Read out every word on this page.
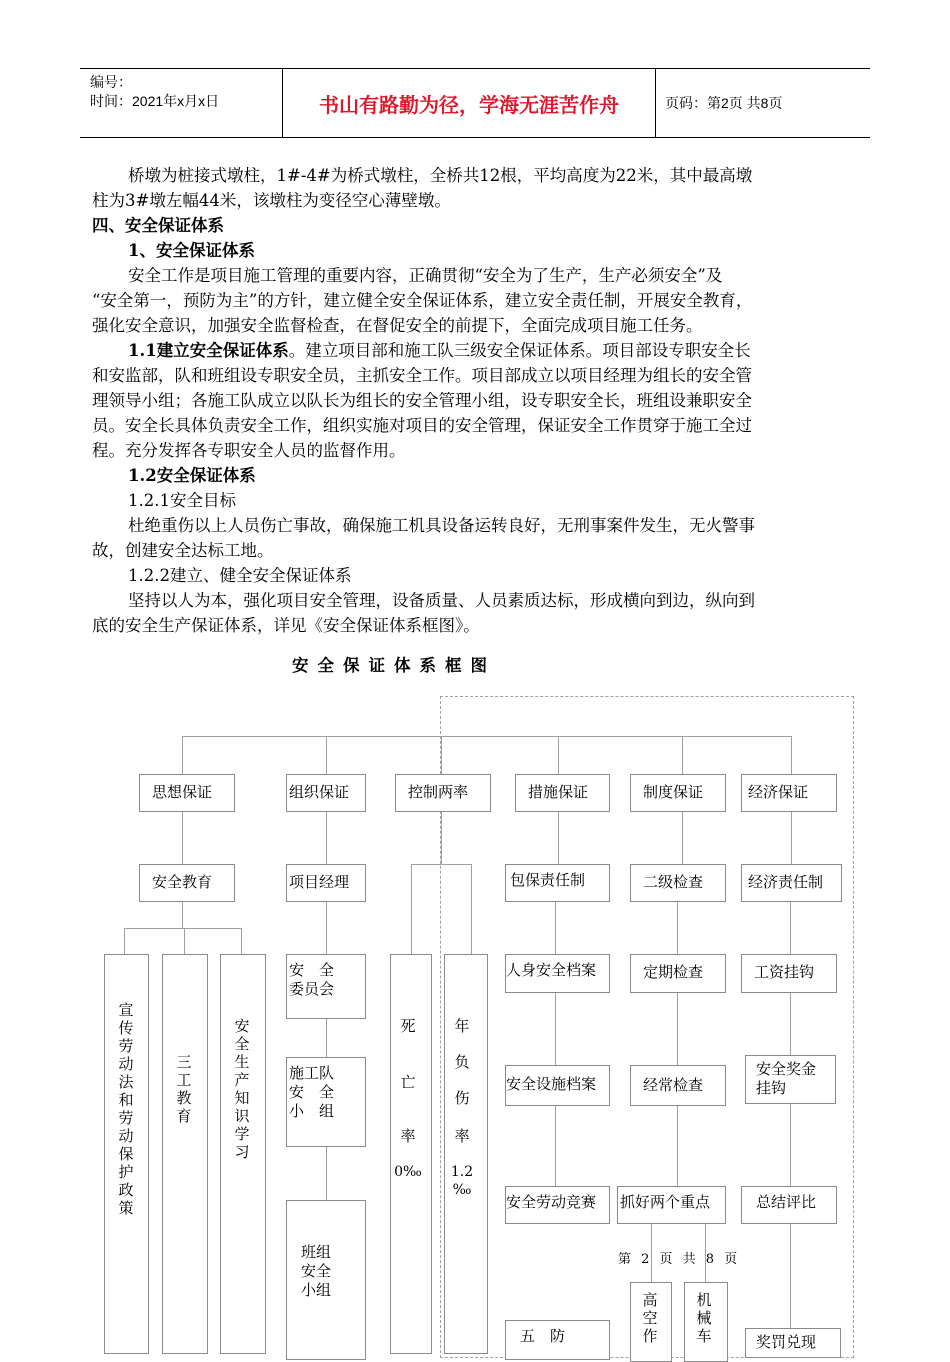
编号：
时间：2021年x月x日	书山有路勤为径，学海无涯苦作舟	页码：第2页 共8页
桥墩为桩接式墩柱，1#-4#为桥式墩柱，全桥共12根，平均高度为22米，其中最高墩
柱为3#墩左幅44米，该墩柱为变径空心薄壁墩。
四、安全保证体系
1、安全保证体系
安全工作是项目施工管理的重要内容，正确贯彻“安全为了生产，生产必须安全”及
“安全第一，预防为主”的方针，建立健全安全保证体系，建立安全责任制，开展安全教育，
强化安全意识，加强安全监督检查，在督促安全的前提下，全面完成项目施工任务。
1.1建立安全保证体系。建立项目部和施工队三级安全保证体系。项目部设专职安全长
和安监部，队和班组设专职安全员，主抓安全工作。项目部成立以项目经理为组长的安全管
理领导小组；各施工队成立以队长为组长的安全管理小组，设专职安全长，班组设兼职安全
员。安全长具体负责安全工作，组织实施对项目的安全管理，保证安全工作贯穿于施工全过
程。充分发挥各专职安全人员的监督作用。
1.2安全保证体系
1.2.1安全目标
杜绝重伤以上人员伤亡事故，确保施工机具设备运转良好，无刑事案件发生，无火警事
故，创建安全达标工地。
1.2.2建立、健全安全保证体系
坚持以人为本，强化项目安全管理，设备质量、人员素质达标，形成横向到边，纵向到
底的安全生产保证体系，详见《安全保证体系框图》。
安全保证体系框图
思想保证	组织保证	控制两率	措施保证	制度保证	经济保证
安全教育
宣传劳动法和劳动保护政策
三工教育
安全生产知识学习
项目经理
安　全
委员会
施工队
安　全
小　组
班组
安全
小组
死
亡
率
0‰
年
负
伤
率
1.2
‰
包保责任制
人身安全档案
安全设施档案
安全劳动竞赛
五　防
二级检查
定期检查
经常检查
抓好两个重点
高空作
机械车
经济责任制
工资挂钩
安全奖金
挂钩
总结评比
奖罚兑现
第 2 页 共 8 页
